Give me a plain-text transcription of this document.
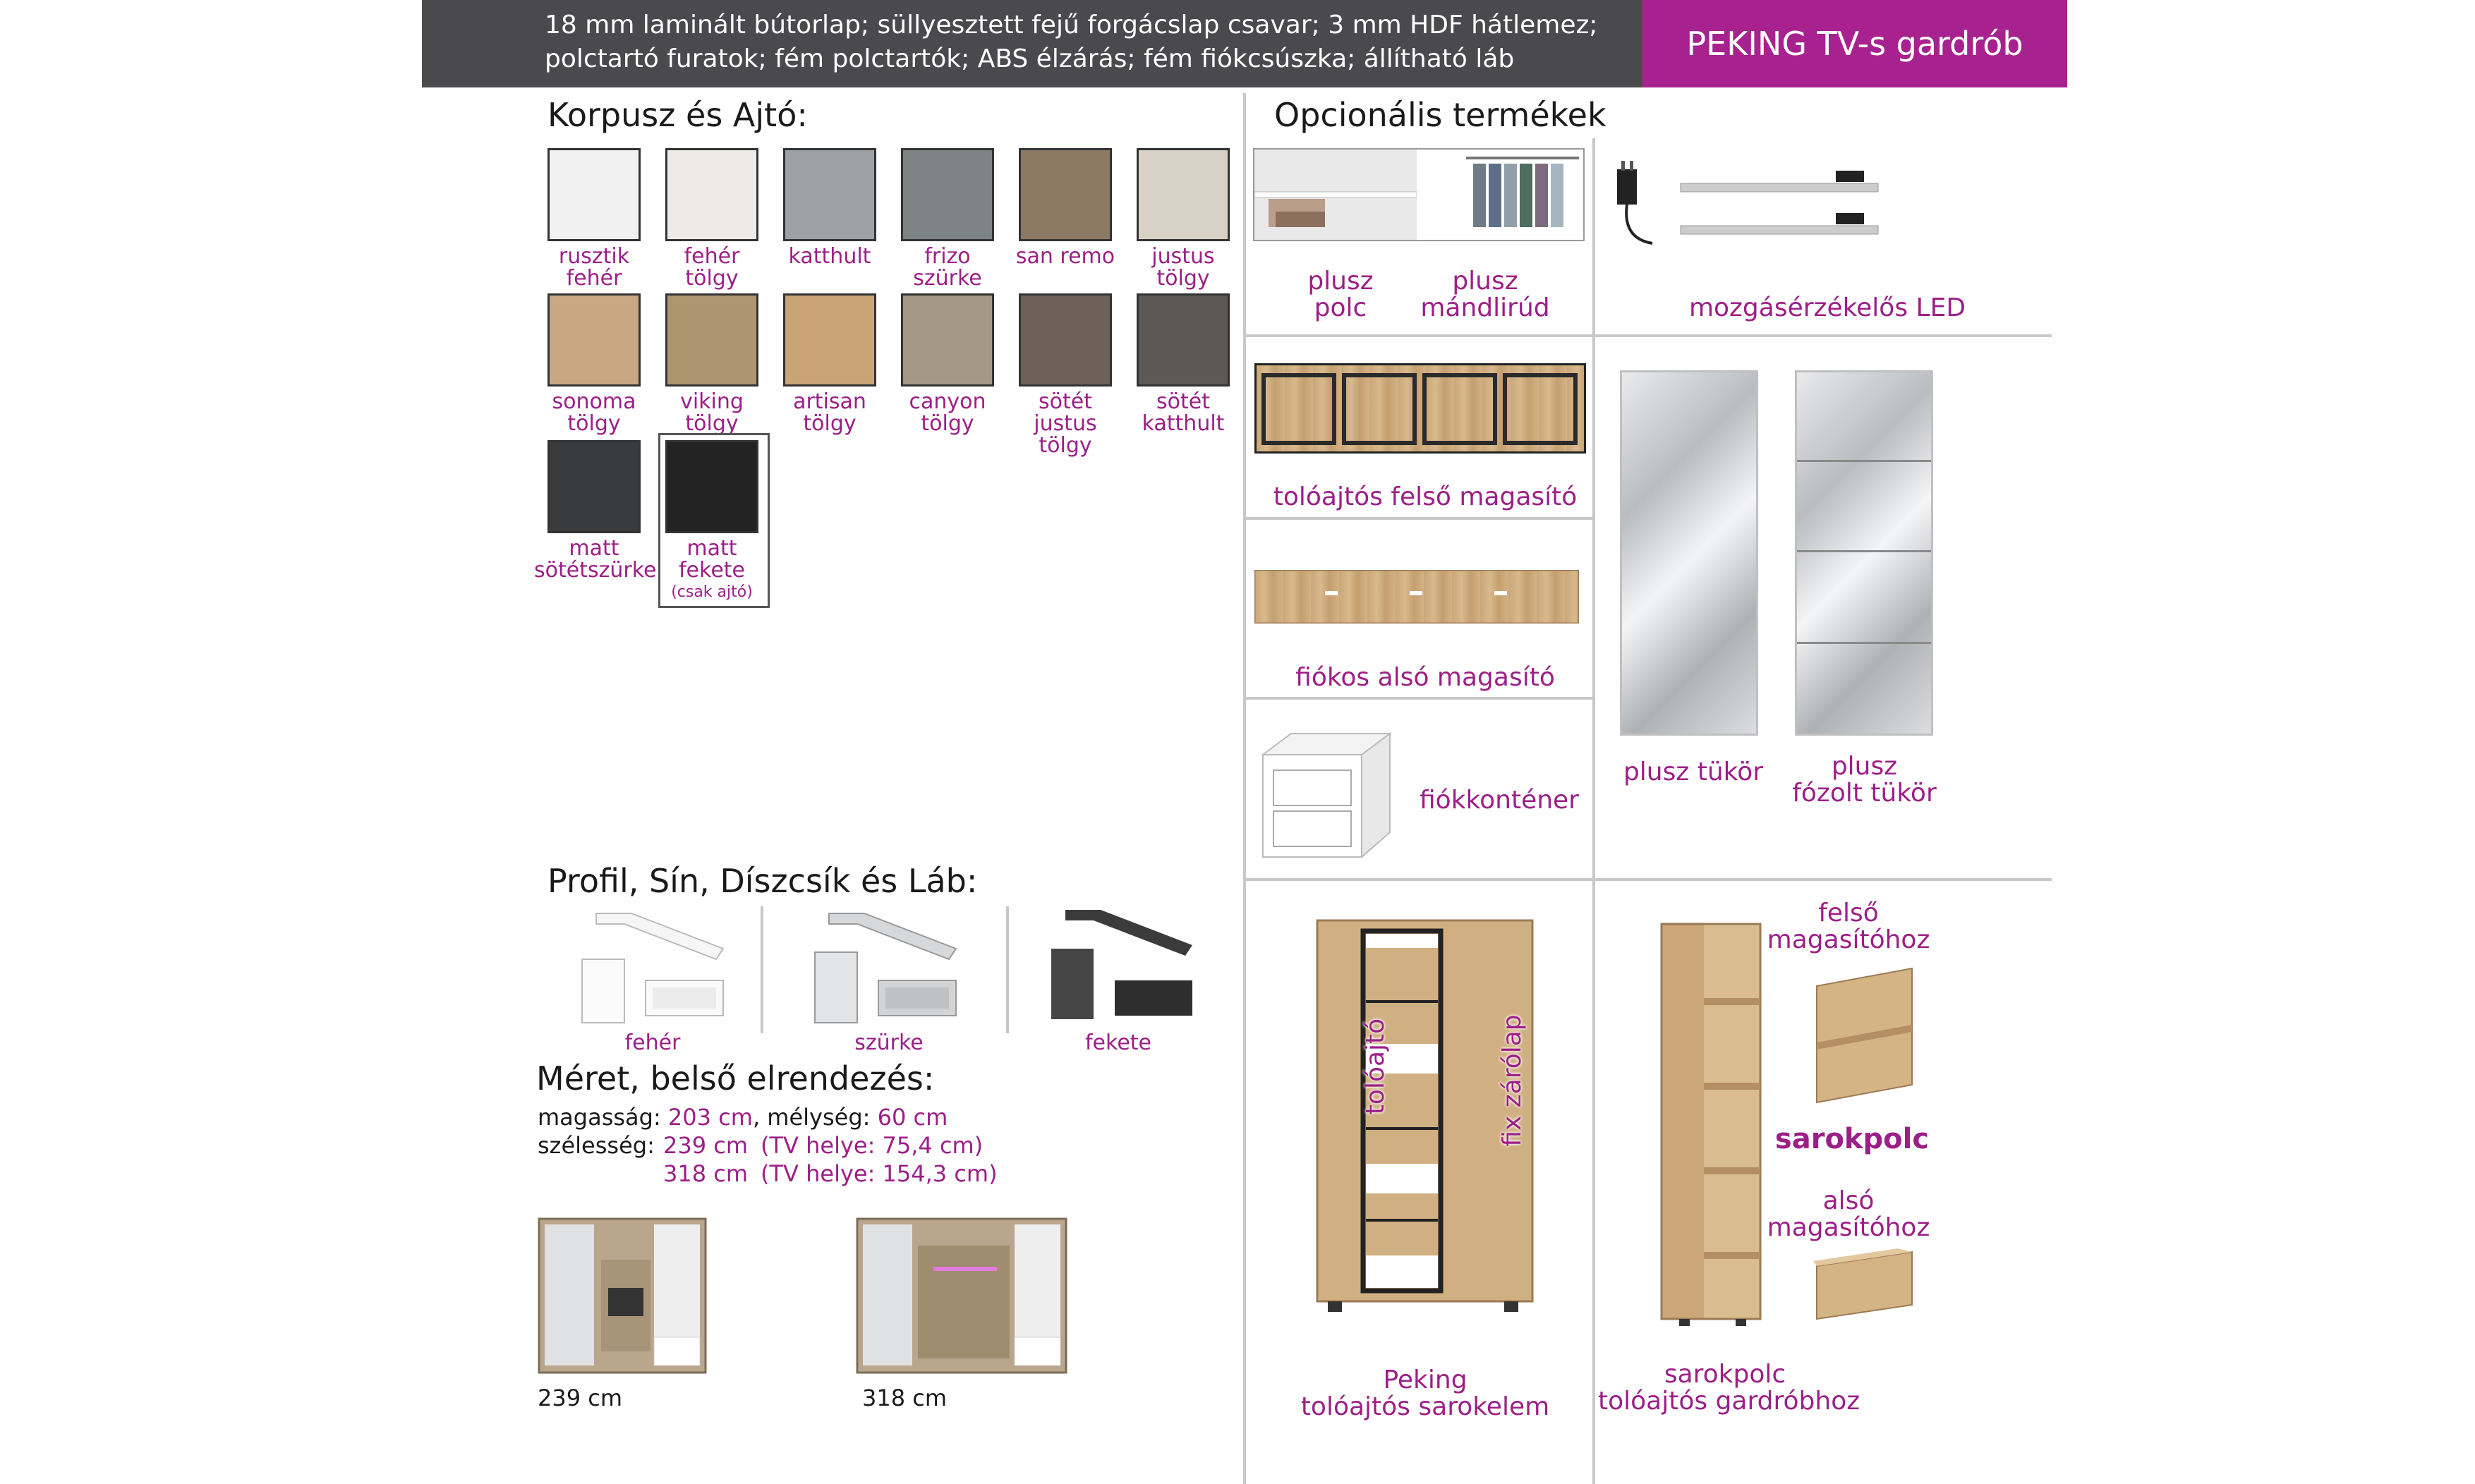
18 mm laminált bútorlap; süllyesztett fejű forgácslap csavar; 3 mm HDF hátlemez;
polctartó furatok; fém polctartók; ABS élzárás; fém fiókcsúszka; állítható láb	PEKING TV-s gardrób
Korpusz és Ajtó:
rusztik
fehér
fehér
tölgy
katthult	frizo
szürke
san remo	justus
tölgy
sonoma
tölgy
viking
tölgy
artisan
tölgy
canyon
tölgy
sötét
justus tölgy
sötét
katthult
matt
sötétszürke
matt
fekete
(csak ajtó)
Profil, Sín, Díszcsík és Láb:
fehér	szürke	fekete
Méret, belső elrendezés:
magasság: 203 cm, mélység: 60 cm
szélesség: 239 cm (TV helye: 75,4 cm)
318 cm (TV helye: 154,3 cm)
239 cm	318 cm
Opcionális termékek
plusz
polc
plusz
mándlirúd	mozgásérzékelős LED
tolóajtós felső magasító
fiókos alsó magasító
fiókkonténer
plusz tükör	plusz
fózolt tükör
tolóajtó	fix zárólap
Peking
tolóajtós sarokelem
felső
magasítóhoz
sarokpolc
alsó
magasítóhoz
sarokpolc
tolóajtós gardróbhoz
